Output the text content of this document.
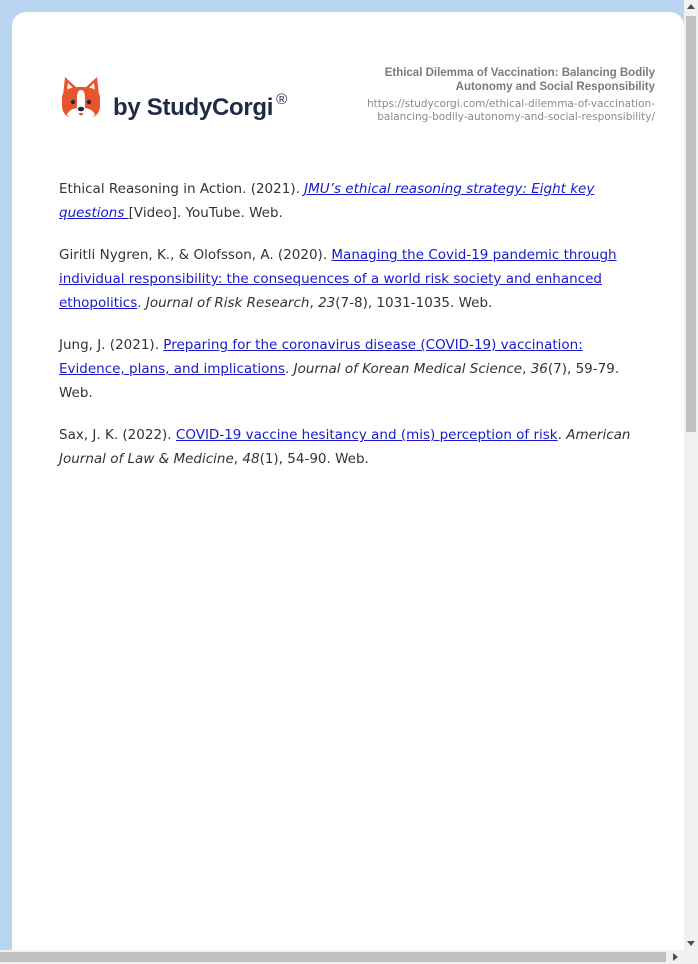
by StudyCorgi ®
Ethical Dilemma of Vaccination: Balancing Bodily Autonomy and Social Responsibility
https://studycorgi.com/ethical-dilemma-of-vaccination-balancing-bodily-autonomy-and-social-responsibility/

Ethical Reasoning in Action. (2021). JMU’s ethical reasoning strategy: Eight key questions [Video]. YouTube. Web.

Giritli Nygren, K., & Olofsson, A. (2020). Managing the Covid-19 pandemic through individual responsibility: the consequences of a world risk society and enhanced ethopolitics. Journal of Risk Research, 23(7-8), 1031-1035. Web.

Jung, J. (2021). Preparing for the coronavirus disease (COVID-19) vaccination: Evidence, plans, and implications. Journal of Korean Medical Science, 36(7), 59-79. Web.

Sax, J. K. (2022). COVID-19 vaccine hesitancy and (mis) perception of risk. American Journal of Law & Medicine, 48(1), 54-90. Web.
